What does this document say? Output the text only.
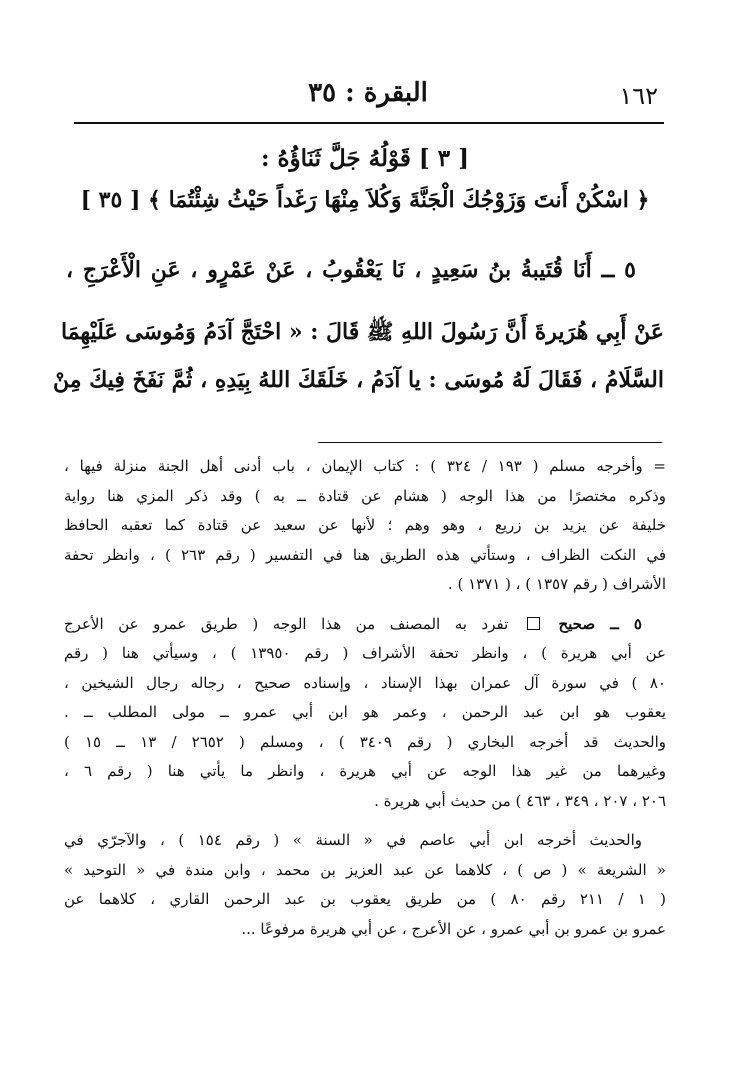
١٦٢
البقرة : ٣٥
[ ٣ ] قَوْلُهُ جَلَّ ثَنَاؤُهُ :
﴿ اسْكُنْ أَنتَ وَزَوْجُكَ الْجَنَّةَ وَكُلاَ مِنْهَا رَغَداً حَيْثُ شِئْتُمَا ﴾ [ ٣٥ ]
٥ ــ أَنَا قُتَيبةُ بنُ سَعِيدٍ ، نَا يَعْقُوبُ ، عَنْ عَمْرٍو ، عَنِ الْأَعْرَجِ ،
عَنْ أَبِي هُرَيرةَ أَنَّ رَسُولَ اللهِ ﷺ قَالَ : « احْتَجَّ آدَمُ وَمُوسَى عَلَيْهِمَا
السَّلَامُ ، فَقَالَ لَهُ مُوسَى : يا آدَمُ ، خَلَقَكَ اللهُ بِيَدِهِ ، ثُمَّ نَفَخَ فِيكَ مِنْ
= وأخرجه مسلم ( ١٩٣ / ٣٢٤ ) : كتاب الإيمان ، باب أدنى أهل الجنة منزلة فيها ،
وذكره مختصرًا من هذا الوجه ( هشام عن قتادة ــ به ) وقد ذكر المزي هنا رواية
خليفة عن يزيد بن زريع ، وهو وهم ؛ لأنها عن سعيد عن قتادة كما تعقبه الحافظ
في النكت الظراف ، وستأتي هذه الطريق هنا في التفسير ( رقم ٢٦٣ ) ، وانظر تحفة
الأشراف ( رقم ١٣٥٧ ) ، ( ١٣٧١ ) .
٥ ــ صحيح  تفرد به المصنف من هذا الوجه ( طريق عمرو عن الأعرج
عن أبي هريرة ) ، وانظر تحفة الأشراف ( رقم ١٣٩٥٠ ) ، وسيأتي هنا ( رقم
٨٠ ) في سورة آل عمران بهذا الإسناد ، وإسناده صحيح ، رجاله رجال الشيخين ،
يعقوب هو ابن عبد الرحمن ، وعمر هو ابن أبي عمرو ــ مولى المطلب ــ .
والحديث قد أخرجه البخاري ( رقم ٣٤٠٩ ) ، ومسلم ( ٢٦٥٢ / ١٣ ــ ١٥ )
وغيرهما من غير هذا الوجه عن أبي هريرة ، وانظر ما يأتي هنا ( رقم ٦ ،
٢٠٦ ، ٢٠٧ ، ٣٤٩ ، ٤٦٣ ) من حديث أبي هريرة .
والحديث أخرجه ابن أبي عاصم في « السنة » ( رقم ١٥٤ ) ، والآجرّي في
« الشريعة » ( ص ) ، كلاهما عن عبد العزيز بن محمد ، وابن مندة في « التوحيد »
( ١ / ٢١١ رقم ٨٠ ) من طريق يعقوب بن عبد الرحمن القاري ، كلاهما عن
عمرو بن عمرو بن أبي عمرو ، عن الأعرج ، عن أبي هريرة مرفوعًا ...
